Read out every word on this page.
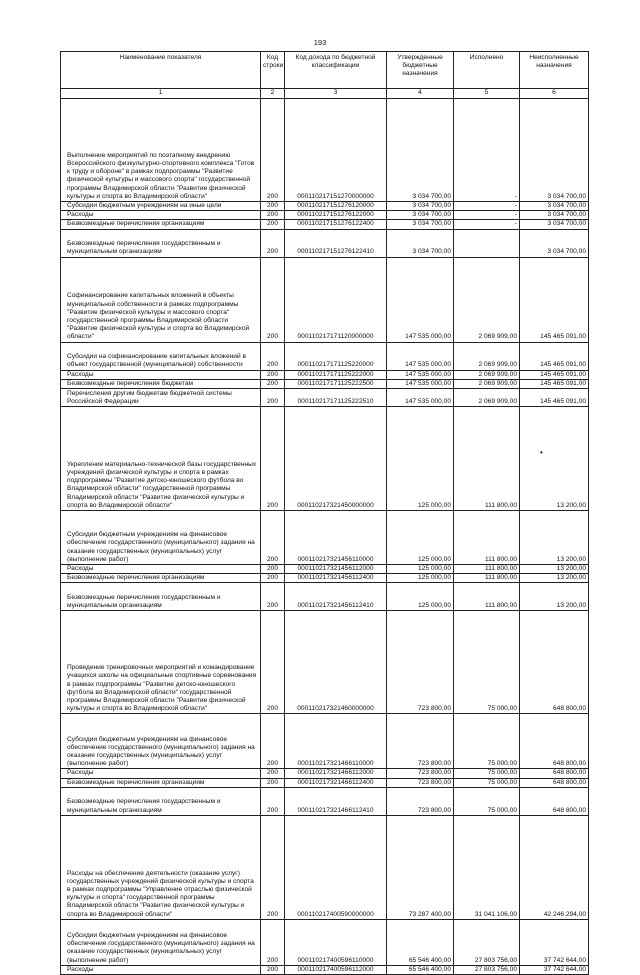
193
Наименование показателя	Код строки	Код дохода по бюджетной классификации	Утвержденные бюджетные назначения	Исполнено	Неисполненные назначения
1	2	3	4	5	6
Выполнение мероприятий по поэтапному внедрению Всероссийского физкультурно-спортивного комплекса "Готов к труду и обороне" в рамках подпрограммы "Развитие физической культуры и массового спорта" государственной программы Владимирской области "Развитие физической культуры и спорта во Владимирской области"	200	000110217151270000000	3 034 700,00	-	3 034 700,00
Субсидии бюджетным учреждениям на иные цели	200	000110217151276120000	3 034 700,00	-	3 034 700,00
Расходы	200	000110217151276122000	3 034 700,00	-	3 034 700,00
Безвозмездные перечисления организациям	200	000110217151276122400	3 034 700,00	-	3 034 700,00
Безвозмездные перечисления государственным и муниципальным организациям	200	000110217151276122410	3 034 700,00		3 034 700,00
Софинансирование капитальных вложений в объекты муниципальной собственности в рамках подпрограммы "Развитие физической культуры и массового спорта" государственной программы Владимирской области "Развитие физической культуры и спорта во Владимирской области"	200	000110217171120000000	147 535 000,00	2 069 909,00	145 465 091,00
Субсидии на софинансирование капитальных вложений в объект государственной (муниципальной) собственности	200	000110217171125220000	147 535 000,00	2 069 909,00	145 465 091,00
Расходы	200	000110217171125222000	147 535 000,00	2 069 909,00	145 465 091,00
Безвозмездные перечисления бюджетам	200	000110217171125222500	147 535 000,00	2 069 909,00	145 465 091,00
Перечисления другим бюджетам бюджетной системы Российской Федерации	200	000110217171125222510	147 535 000,00	2 069 909,00	145 465 091,00
Укрепление материально-технической базы государственных учреждений физической культуры и спорта в рамках подпрограммы "Развитие детско-юношеского футбола во Владимирской области" государственной программы Владимирской области "Развитие физической культуры и спорта во Владимирской области"	200	000110217321450000000	125 000,00	111 800,00	13 200,00
Субсидии бюджетным учреждениям на финансовое обеспечение государственного (муниципального) задания на оказание государственных (муниципальных) услуг (выполнение работ)	200	000110217321456110000	125 000,00	111 800,00	13 200,00
Расходы	200	000110217321456112000	125 000,00	111 800,00	13 200,00
Безвозмездные перечисления организациям	200	000110217321456112400	125 000,00	111 800,00	13 200,00
Безвозмездные перечисления государственным и муниципальным организациям	200	000110217321456112410	125 000,00	111 800,00	13 200,00
Проведение тренировочных мероприятий и командирование учащихся школы на официальные спортивные соревнования в рамках подпрограммы "Развитие детско-юношеского футбола во Владимирской области" государственной программы Владимирской области "Развитие физической культуры и спорта во Владимирской области"	200	000110217321460000000	723 800,00	75 000,00	648 800,00
Субсидии бюджетным учреждениям на финансовое обеспечение государственного (муниципального) задания на оказание государственных (муниципальных) услуг (выполнение работ)	200	000110217321466110000	723 800,00	75 000,00	648 800,00
Расходы	200	000110217321466112000	723 800,00	75 000,00	648 800,00
Безвозмездные перечисления организациям	200	000110217321466112400	723 800,00	75 000,00	648 800,00
Безвозмездные перечисления государственным и муниципальным организациям	200	000110217321466112410	723 800,00	75 000,00	648 800,00
Расходы на обеспечение деятельности (оказание услуг) государственных учреждений физической культуры и спорта в рамках подпрограммы "Управление отраслью физической культуры и спорта" государственной программы Владимирской области "Развитие физической культуры и спорта во Владимирской области"	200	000110217400590000000	73 287 400,00	31 041 106,00	42 246 294,00
Субсидии бюджетным учреждениям на финансовое обеспечение государственного (муниципального) задания на оказание государственных (муниципальных) услуг (выполнение работ)	200	000110217400596110000	65 546 400,00	27 803 756,00	37 742 644,00
Расходы	200	000110217400596112000	65 546 400,00	27 803 756,00	37 742 644,00
•
